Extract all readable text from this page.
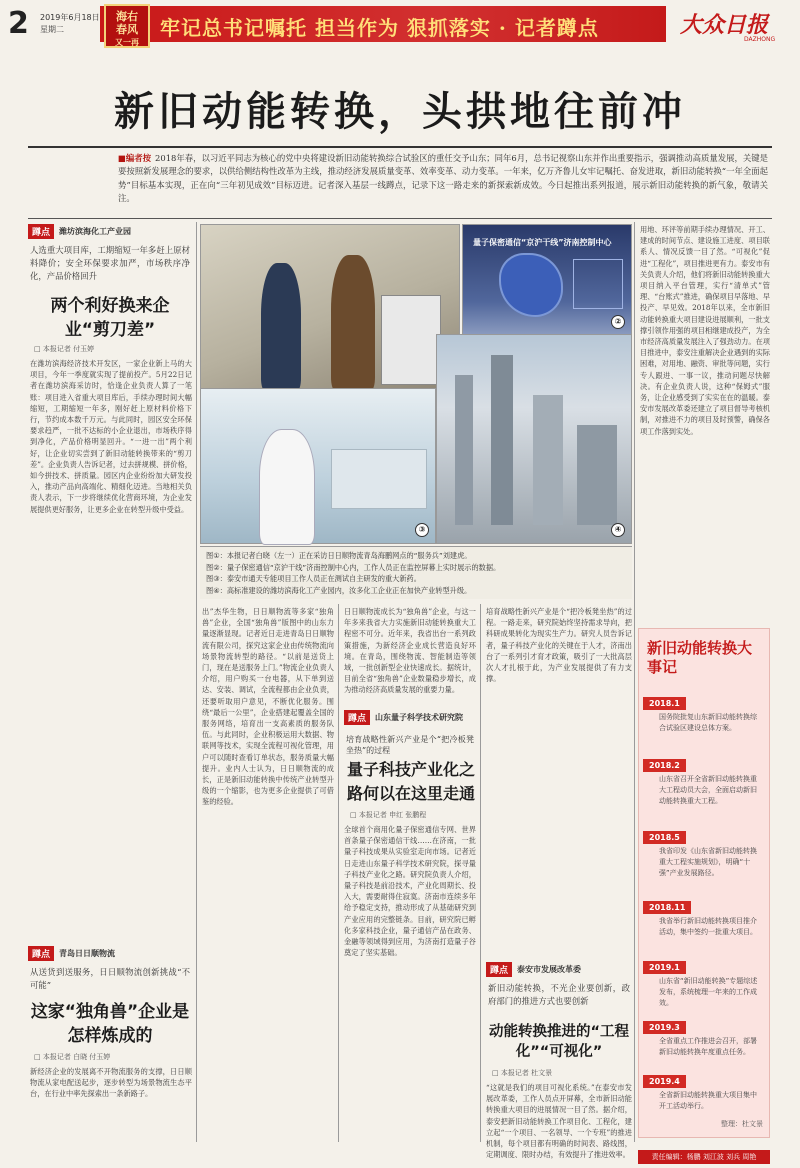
2 2019年6月18日
星期二
海右
春风
又一再
牢记总书记嘱托 担当作为 狠抓落实 · 记者蹲点	大众日报
DAZHONG
新旧动能转换，头拱地往前冲
■编者按 2018年春，以习近平同志为核心的党中央将建设新旧动能转换综合试验区的重任交予山东；同年6月，总书记视察山东并作出重要指示，强调推动高质量发展，关键是要按照新发展理念的要求，以供给侧结构性改革为主线，推动经济发展质量变革、效率变革、动力变革。一年来，亿万齐鲁儿女牢记嘱托、奋发进取，新旧动能转换“一年全面起势”目标基本实现，正在向“三年初见成效”目标迈进。记者深入基层一线蹲点，记录下这一路走来的新探索新成效。今日起推出系列报道，展示新旧动能转换的新气象，敬请关注。
蹲点	潍坊滨海化工产业园
人选重大项目库，工期缩短一年多赶上原材料降价；安全环保要求加严，市场秩序净化，产品价格回升
两个利好换来企业“剪刀差”
□ 本报记者 付玉婷
在潍坊滨海经济技术开发区，一家企业新上马的大项目，今年一季度就实现了提前投产。5月22日记者在潍坊滨海采访时，恰逢企业负责人算了一笔账：项目进入省重大项目库后，手续办理时间大幅缩短，工期缩短一年多，刚好赶上原材料价格下行，节约成本数千万元。与此同时，园区安全环保要求趋严，一批不达标的小企业退出，市场秩序得到净化，产品价格明显回升。“一进一出”两个利好，让企业切实尝到了新旧动能转换带来的“剪刀差”。企业负责人告诉记者，过去拼规模、拼价格，如今拼技术、拼质量。园区内企业纷纷加大研发投入，推动产品向高端化、精细化迈进。当地相关负责人表示，下一步将继续优化营商环境，为企业发展提供更好服务，让更多企业在转型升级中受益。
蹲点	青岛日日顺物流
从送货到送服务，日日顺物流创新挑战“不可能”
这家“独角兽”企业是怎样炼成的
□ 本报记者 白晓 付玉婷
新经济企业的发展离不开物流服务的支撑，日日顺物流从家电配送起步，逐步转型为场景物流生态平台，在行业中率先探索出一条新路子。
量子保密通信“京沪干线”济南控制中心
②
③	④
图①：本报记者白晓（左一）正在采访日日顺物流青岛海鹏网点的“服务兵”刘建虎。
图②：量子保密通信“京沪干线”济南控制中心内，工作人员正在监控屏幕上实时展示的数据。
图③：泰安市通天专能项目工作人员正在测试自主研发的重大新药。
图④：高标准建设的潍坊滨海化工产业园内，汝多化工企业正在加快产业转型升级。
出”杰华生物，日日顺物流等多家“独角兽”企业，全国“独角兽”版图中的山东力量逐渐显现。记者近日走进青岛日日顺物流有限公司，探究这家企业由传统物流向场景物流转型的路径。“以前是送货上门，现在是送服务上门。”物流企业负责人介绍，用户购买一台电器，从下单到送达、安装、调试，全流程都由企业负责，还要听取用户意见，不断优化服务。围绕“最后一公里”，企业搭建起覆盖全国的服务网络，培育出一支高素质的服务队伍。与此同时，企业积极运用大数据、物联网等技术，实现全流程可视化管理，用户可以随时查看订单状态，服务质量大幅提升。业内人士认为，日日顺物流的成长，正是新旧动能转换中传统产业转型升级的一个缩影，也为更多企业提供了可借鉴的经验。
日日顺物流成长为“独角兽”企业，与这一年多来我省大力实施新旧动能转换重大工程密不可分。近年来，我省出台一系列政策措施，为新经济企业成长营造良好环境。在青岛，围绕物流、智能制造等领域，一批创新型企业快速成长。据统计，目前全省“独角兽”企业数量稳步增长，成为推动经济高质量发展的重要力量。
蹲点	山东量子科学技术研究院
培育战略性新兴产业是个“把冷板凳坐热”的过程
量子科技产业化之路何以在这里走通
□ 本报记者 申红 张鹏程
全球首个商用化量子保密通信专网、世界首条量子保密通信干线……在济南，一批量子科技成果从实验室走向市场。记者近日走进山东量子科学技术研究院，探寻量子科技产业化之路。研究院负责人介绍，量子科技是前沿技术，产业化周期长、投入大，需要耐得住寂寞。济南市连续多年给予稳定支持，推动形成了从基础研究到产业应用的完整链条。目前，研究院已孵化多家科技企业，量子通信产品在政务、金融等领域得到应用，为济南打造量子谷奠定了坚实基础。
培育战略性新兴产业是个“把冷板凳坐热”的过程。一路走来，研究院始终坚持需求导向，把科研成果转化为现实生产力。研究人员告诉记者，量子科技产业化的关键在于人才，济南出台了一系列引才育才政策，吸引了一大批高层次人才扎根于此，为产业发展提供了有力支撑。
蹲点	泰安市发展改革委
新旧动能转换，不光企业要创新，政府部门的推进方式也要创新
动能转换推进的“工程化”“可视化”
□ 本报记者 杜文景
“这就是我们的项目可视化系统。”在泰安市发展改革委，工作人员点开屏幕，全市新旧动能转换重大项目的进展情况一目了然。据介绍，泰安把新旧动能转换工作项目化、工程化，建立起“一个项目、一名领导、一个专班”的推进机制，每个项目都有明确的时间表、路线图，定期调度、限时办结，有效提升了推进效率。
用地、环评等前期手续办理情况、开工、建成的时间节点、建设施工进度、项目联系人、情况反馈一目了然。“可视化”促进“工程化”，项目推进更有力。泰安市有关负责人介绍，他们将新旧动能转换重大项目纳入平台管理，实行“清单式”管理、“台账式”推进，确保项目早落地、早投产、早见效。2018年以来，全市新旧动能转换重大项目建设进展顺利，一批支撑引领作用强的项目相继建成投产，为全市经济高质量发展注入了强劲动力。在项目推进中，泰安注重解决企业遇到的实际困难，对用地、融资、审批等问题，实行专人跟进、一事一议，推动问题尽快解决。有企业负责人说，这种“保姆式”服务，让企业感受到了实实在在的温暖。泰安市发展改革委还建立了项目督导考核机制，对推进不力的项目及时预警，确保各项工作落到实处。
新旧动能转换大事记
2018.1
国务院批复山东新旧动能转换综合试验区建设总体方案。
2018.2
山东省召开全省新旧动能转换重大工程动员大会，全面启动新旧动能转换重大工程。
2018.5
我省印发《山东省新旧动能转换重大工程实施规划》，明确“十强”产业发展路径。
2018.11
我省举行新旧动能转换项目推介活动，集中签约一批重大项目。
2019.1
山东省“新旧动能转换”专题综述发布，系统梳理一年来的工作成效。
2019.3
全省重点工作推进会召开，部署新旧动能转换年度重点任务。
2019.4
全省新旧动能转换重大项目集中开工活动举行。
整理：杜文景
责任编辑：杨鹏 刘江波 刘兵 周艳
